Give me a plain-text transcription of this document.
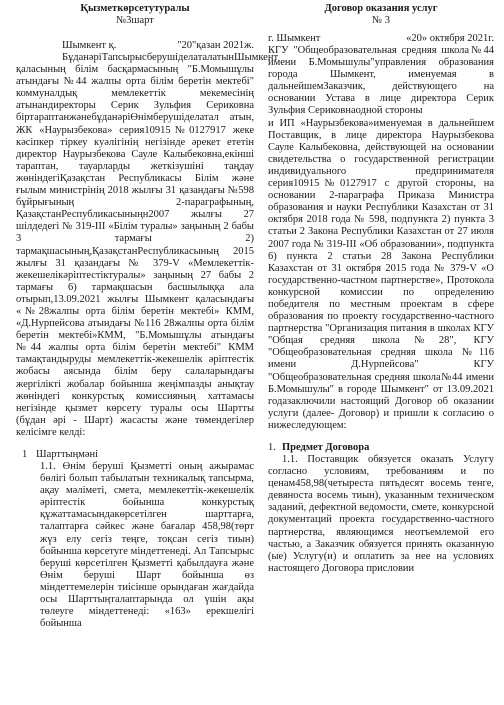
Қызметкөрсетутуралы
№3шарт
Шымкент қ.	"20"қазан 2021ж.

БұданәріТапсырысберушіделаталатынШымкент қаласының білім басқармасының "Б.Момышұлы атындағы №44 жалпы орта білім беретін мектебі" коммуналдық мемлекеттік мекемесінің атынандиректоры Серик Зульфия Сериковна біртараптанжәнебұданәріӨнімберушіделатал атын, ЖК «Наурызбекова» серия10915№0127917 жеке кәсіпкер тіркеу куәлігінің негізінде әрекет ететін директор Наурызбекова Сауле Калыбековна,екінші тараптан, тауарларды жеткізушіні таңдау жөніндегіҚазақстан Республикасы Білім және ғылым министрінің 2018 жылғы 31 қазандағы №598 бұйрығының 2-параграфының, ҚазақстанРеспубликасыныңн2007 жылғы 27 шілдедегі № 319-III «Білім туралы» заңының 2 бабы 3 тармағы 2) тармақшасының,ҚазақстанРеспубликасының 2015 жылғы 31 қазандағы № 379-V «Мемлекеттік-жекешелікәріптестіктуралы» заңының 27 бабы 2 тармағы 6) тармақшасын басшылыққа ала отырып,13.09.2021 жылғы Шымкент қаласындағы «№28жалпы орта білім беретін мектебі» КММ, «Д.Нурпейсова атындағы №116 28жалпы орта білім беретін мектебі»КММ, "Б.Момышұлы атындағы №44 жалпы орта білім беретін мектебі" КММ тамақтандыруды мемлекеттік-жекешелік әріптестік жобасы аясында білім беру салаларындағы жергілікті жобалар бойынша жеңімпазды анықтау жөніндегі конкурстық комиссияның хаттамасы негізінде қызмет көрсету туралы осы Шартты (бұдан әрі - Шарт) жасасты және төмендегілер келісімге келді:

1 Шарттыңмәні

1.1. Өнім беруші Қызметті оның ажырамас бөлігі болып табылатын техникалық тапсырма, ақау мәліметі, смета, мемлекеттік-жекешелік әріптестік бойынша конкурстық құжаттамасындакөрсетілген шарттарға, талаптарға сәйкес және бағалар 458,98(төрт жүз елу сегіз теңге, тоқсан сегіз тиын) бойынша көрсетуге міндеттенеді. Ал Тапсырыс беруші көрсетілген Қызметті қабылдауға және Өнім беруші Шарт бойынша өз міндеттемелерін тиісінше орындаған жағдайда осы Шарттыңталаптарында ол үшін ақы төлеуге міндеттенеді: «163» ерекшелігі бойынша

Договор оказания услуг
№ 3
г. Шымкент	«20» октября 2021г.

КГУ "Общеобразовательная средняя школа№44 имени Б.Момышулы"управления образования города Шымкент, именуемая в дальнейшемЗаказчик, действующего на основании Устава в лице директора Серик Зульфия Сериковнаодной стороны

и ИП «Наурызбекова»именуемая в дальнейшем Поставщик, в лице директора Наурызбекова Сауле Калыбековна, действующей на основании свидетельства о государственной регистрации индивидуального предпринимателя серия10915№0127917 с другой стороны, на основании 2-параграфа Приказа Министра образования и науки Республики Казахстан от 31 октября 2018 года № 598, подпункта 2) пункта 3 статьи 2 Закона Республики Казахстан от 27 июля 2007 года № 319-III «Об образовании», подпункта 6) пункта 2 статьи 28 Закона Республики Казахстан от 31 октября 2015 года № 379-V «О государственно-частном партнерстве», Протокола конкурсной комиссии по определению победителя по местным проектам в сфере образования по проекту государственно-частного партнерства "Организация питания в школах КГУ "Общая средняя школа№28", КГУ "Общеобразовательная средняя школа №116 имени Д.Нурпейсова" КГУ "Общеобразовательная средняя школа№44 имени Б.Момышулы" в городе Шымкент" от 13.09.2021 годазаключили настоящий Договор об оказании услуги (далее- Договор) и пришли к согласию о нижеследующем:

1. Предмет Договора

1.1. Поставщик обязуется оказать Услугу согласно условиям, требованиям и по ценам458,98(четыреста пятьдесят восемь тенге, девяноста восемь тиын), указанным техническом заданий, дефектной ведомости, смете, конкурсной документаций проекта государственно-частного партнерства, являющимся неотъемлемой его частью, а Заказчик обязуется принять оказанную (ые) Услугу(и) и оплатить за нее на условиях настоящего Договора присловии
